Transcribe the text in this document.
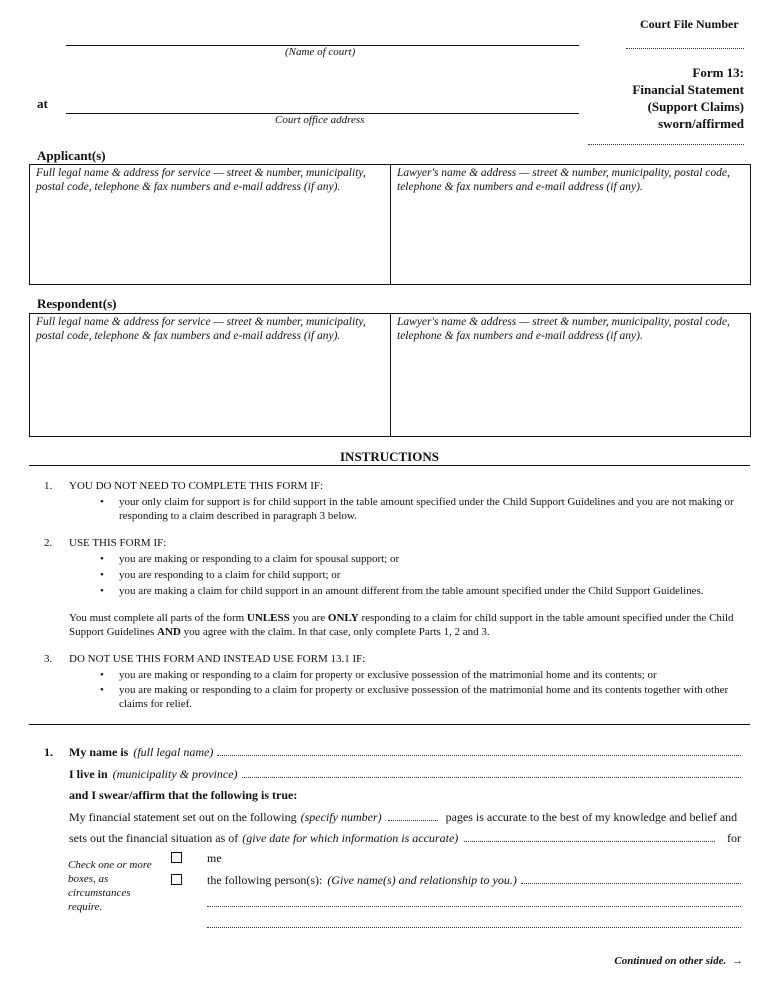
Court File Number
(Name of court)
at
Court office address
Form 13:
Financial Statement
(Support Claims)
sworn/affirmed
Applicant(s)
Full legal name & address for service — street & number, municipality, postal code, telephone & fax numbers and e-mail address (if any).
Lawyer's name & address — street & number, municipality, postal code, telephone & fax numbers and e-mail address (if any).
Respondent(s)
Full legal name & address for service — street & number, municipality, postal code, telephone & fax numbers and e-mail address (if any).
Lawyer's name & address — street & number, municipality, postal code, telephone & fax numbers and e-mail address (if any).
INSTRUCTIONS
1. YOU DO NOT NEED TO COMPLETE THIS FORM IF:
• your only claim for support is for child support in the table amount specified under the Child Support Guidelines and you are not making or responding to a claim described in paragraph 3 below.
2. USE THIS FORM IF:
• you are making or responding to a claim for spousal support; or
• you are responding to a claim for child support; or
• you are making a claim for child support in an amount different from the table amount specified under the Child Support Guidelines.
You must complete all parts of the form UNLESS you are ONLY responding to a claim for child support in the table amount specified under the Child Support Guidelines AND you agree with the claim. In that case, only complete Parts 1, 2 and 3.
3. DO NOT USE THIS FORM AND INSTEAD USE FORM 13.1 IF:
• you are making or responding to a claim for property or exclusive possession of the matrimonial home and its contents; or
• you are making or responding to a claim for property or exclusive possession of the matrimonial home and its contents together with other claims for relief.
1. My name is (full legal name)
I live in (municipality & province)
and I swear/affirm that the following is true:
My financial statement set out on the following (specify number)	pages is accurate to the best of my knowledge and belief and
sets out the financial situation as of (give date for which information is accurate)	for
Check one or more boxes, as circumstances require.
me
the following person(s): (Give name(s) and relationship to you.)
Continued on other side. →
